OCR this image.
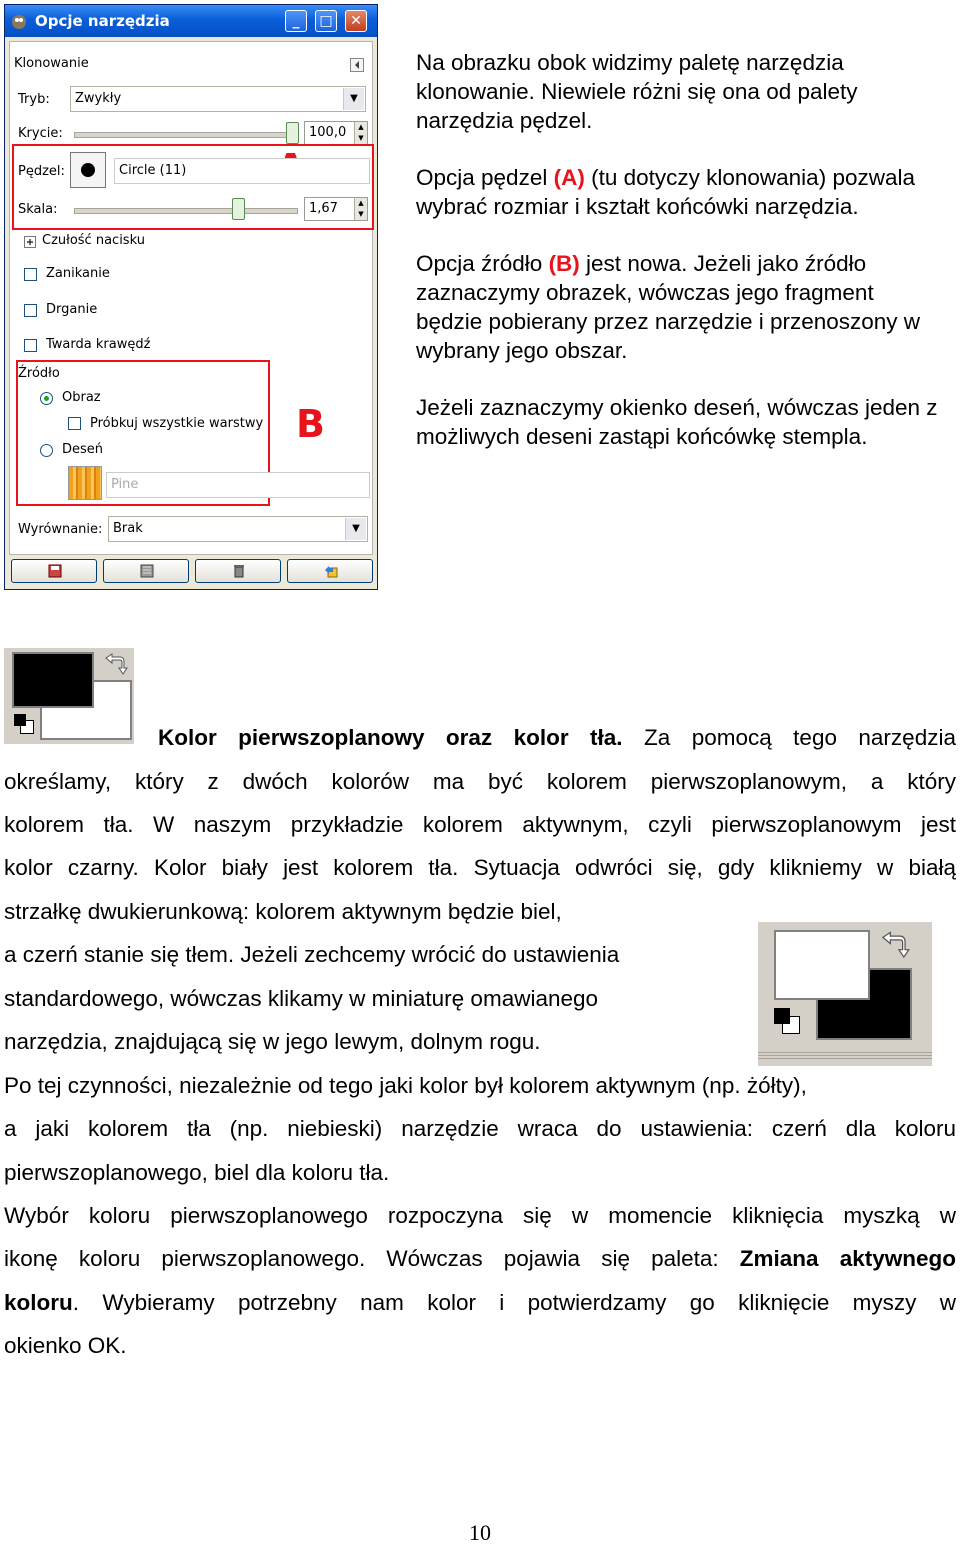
Opcje narzędzia	_	□	✕
Klonowanie
Tryb:	Zwykły	▼
Krycie:	100,0	▲
▼
Pędzel:	Circle (11)
Skala:	1,67	▲
▼
Czułość nacisku
Zanikanie
Drganie
Twarda krawędź
B
Źródło
Obraz
Próbkuj wszystkie warstwy
Deseń
Pine
Wyrównanie: Brak	▼

Na obrazku obok widzimy paletę narzędzia klonowanie. Niewiele różni się ona od palety narzędzia pędzel.

Opcja pędzel (A) (tu dotyczy klonowania) pozwala wybrać rozmiar i kształt końcówki narzędzia.

Opcja źródło (B) jest nowa. Jeżeli jako źródło zaznaczymy obrazek, wówczas jego fragment będzie pobierany przez narzędzie i przenoszony w wybrany jego obszar.

Jeżeli zaznaczymy okienko deseń, wówczas jeden z możliwych deseni zastąpi końcówkę stempla.

Kolor pierwszoplanowy oraz kolor tła. Za pomocą tego narzędzia
określamy, który z dwóch kolorów ma być kolorem pierwszoplanowym, a który
kolorem tła. W naszym przykładzie kolorem aktywnym, czyli pierwszoplanowym jest
kolor czarny. Kolor biały jest kolorem tła. Sytuacja odwróci się, gdy klikniemy w białą
strzałkę dwukierunkową: kolorem aktywnym będzie biel,
a czerń stanie się tłem. Jeżeli zechcemy wrócić do ustawienia
standardowego, wówczas klikamy w miniaturę omawianego
narzędzia, znajdującą się w jego lewym, dolnym rogu.
Po tej czynności, niezależnie od tego jaki kolor był kolorem aktywnym (np. żółty),
a jaki kolorem tła (np. niebieski) narzędzie wraca do ustawienia: czerń dla koloru
pierwszoplanowego, biel dla koloru tła.
Wybór koloru pierwszoplanowego rozpoczyna się w momencie kliknięcia myszką w
ikonę koloru pierwszoplanowego. Wówczas pojawia się paleta: Zmiana aktywnego
koloru. Wybieramy potrzebny nam kolor i potwierdzamy go kliknięcie myszy w
okienko OK.
10
